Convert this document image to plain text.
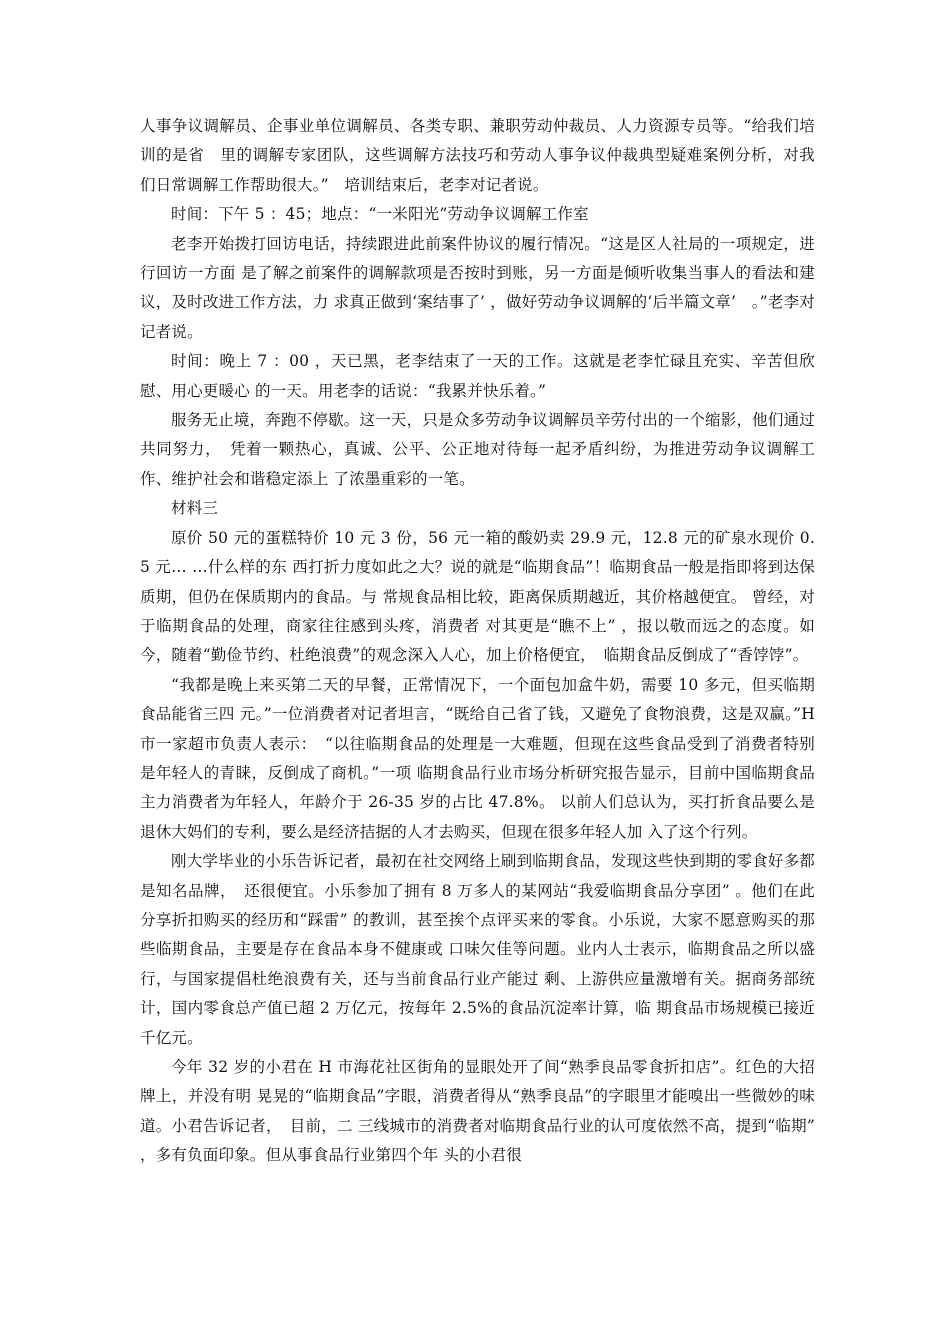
人事争议调解员、企事业单位调解员、各类专职、兼职劳动仲裁员、人力资源专员等。“给我们培训的是省　里的调解专家团队，这些调解方法技巧和劳动人事争议仲裁典型疑难案例分析，对我们日常调解工作帮助很大。”　培训结束后，老李对记者说。

时间：下午 5 ：45；地点：“一米阳光”劳动争议调解工作室

老李开始拨打回访电话，持续跟进此前案件协议的履行情况。“这是区人社局的一项规定，进行回访一方面 是了解之前案件的调解款项是否按时到账，另一方面是倾听收集当事人的看法和建议，及时改进工作方法，力 求真正做到‘案结事了’ ，做好劳动争议调解的‘后半篇文章’　。”老李对记者说。

时间：晚上 7 ：00 ，天已黑，老李结束了一天的工作。这就是老李忙碌且充实、辛苦但欣慰、用心更暖心 的一天。用老李的话说：“我累并快乐着。”

服务无止境，奔跑不停歇。这一天，只是众多劳动争议调解员辛劳付出的一个缩影，他们通过共同努力，　凭着一颗热心，真诚、公平、公正地对待每一起矛盾纠纷，为推进劳动争议调解工作、维护社会和谐稳定添上 了浓墨重彩的一笔。

材料三

原价 50 元的蛋糕特价 10 元 3 份，56 元一箱的酸奶卖 29.9 元，12.8 元的矿泉水现价 0.5 元… …什么样的东 西打折力度如此之大？说的就是“临期食品”！临期食品一般是指即将到达保质期，但仍在保质期内的食品。与 常规食品相比较，距离保质期越近，其价格越便宜。 曾经，对于临期食品的处理，商家往往感到头疼，消费者 对其更是“瞧不上” ，报以敬而远之的态度。如今，随着“勤俭节约、杜绝浪费”的观念深入人心，加上价格便宜，　临期食品反倒成了“香饽饽”。

“我都是晚上来买第二天的早餐，正常情况下，一个面包加盒牛奶，需要 10 多元，但买临期食品能省三四 元。”一位消费者对记者坦言，“既给自己省了钱，又避免了食物浪费，这是双赢。”H 市一家超市负责人表示：　“以往临期食品的处理是一大难题，但现在这些食品受到了消费者特别是年轻人的青睐，反倒成了商机。”一项 临期食品行业市场分析研究报告显示，目前中国临期食品主力消费者为年轻人，年龄介于 26-35 岁的占比 47.8%。 以前人们总认为，买打折食品要么是退休大妈们的专利，要么是经济拮据的人才去购买，但现在很多年轻人加 入了这个行列。

刚大学毕业的小乐告诉记者，最初在社交网络上刷到临期食品，发现这些快到期的零食好多都是知名品牌，　还很便宜。小乐参加了拥有 8 万多人的某网站“我爱临期食品分享团” 。他们在此分享折扣购买的经历和“踩雷” 的教训，甚至挨个点评买来的零食。小乐说，大家不愿意购买的那些临期食品，主要是存在食品本身不健康或 口味欠佳等问题。业内人士表示，临期食品之所以盛行，与国家提倡杜绝浪费有关，还与当前食品行业产能过 剩、上游供应量激增有关。据商务部统计，国内零食总产值已超 2 万亿元，按每年 2.5%的食品沉淀率计算，临 期食品市场规模已接近千亿元。

今年 32 岁的小君在 H 市海花社区街角的显眼处开了间“熟季良品零食折扣店”。红色的大招牌上，并没有明 晃晃的“临期食品”字眼，消费者得从“熟季良品”的字眼里才能嗅出一些微妙的味道。小君告诉记者，　目前，二 三线城市的消费者对临期食品行业的认可度依然不高，提到“临期” ，多有负面印象。但从事食品行业第四个年 头的小君很
